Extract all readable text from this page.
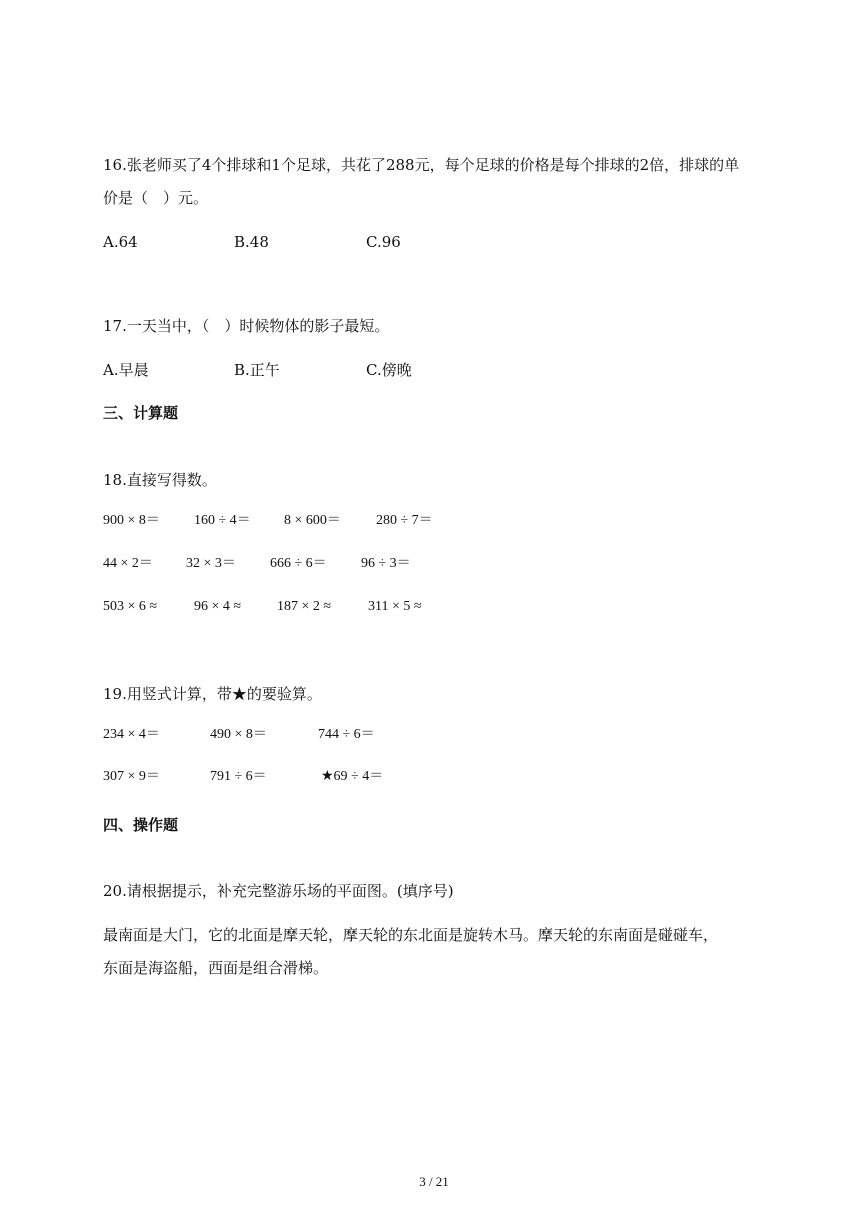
16.张老师买了4个排球和1个足球，共花了288元，每个足球的价格是每个排球的2倍，排球的单
价是（　）元。
A.64	B.48	C.96
17.一天当中，（　）时候物体的影子最短。
A.早晨	B.正午	C.傍晚
三、计算题
18.直接写得数。
900 × 8＝ 160 ÷ 4＝ 8 × 600＝	280 ÷ 7＝
44 × 2＝ 32 × 3＝ 666 ÷ 6＝ 96 ÷ 3＝
503 × 6 ≈	96 × 4 ≈	187 × 2 ≈	311 × 5 ≈
19.用竖式计算，带★的要验算。
234 × 4＝	490 × 8＝	744 ÷ 6＝
307 × 9＝	791 ÷ 6＝	★69 ÷ 4＝
四、操作题
20.请根据提示，补充完整游乐场的平面图。(填序号)
最南面是大门，它的北面是摩天轮，摩天轮的东北面是旋转木马。摩天轮的东南面是碰碰车，
东面是海盗船，西面是组合滑梯。
3 / 21
